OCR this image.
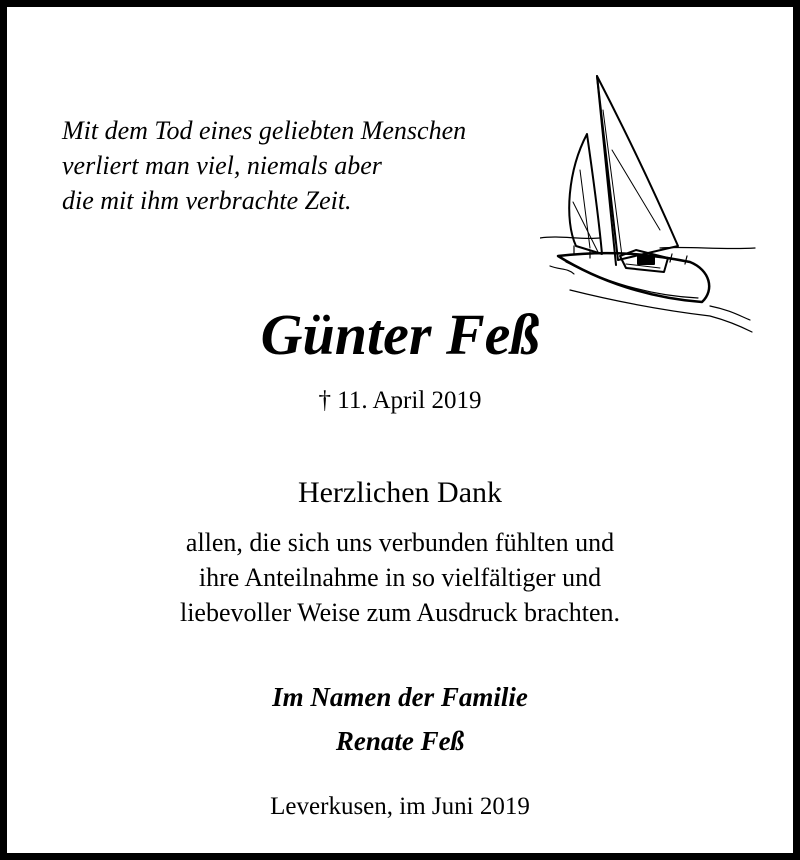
Mit dem Tod eines geliebten Menschen
verliert man viel, niemals aber
die mit ihm verbrachte Zeit.
Günter Feß
† 11. April 2019
Herzlichen Dank
allen, die sich uns verbunden fühlten und
ihre Anteilnahme in so vielfältiger und
liebevoller Weise zum Ausdruck brachten.
Im Namen der Familie
Renate Feß
Leverkusen, im Juni 2019
